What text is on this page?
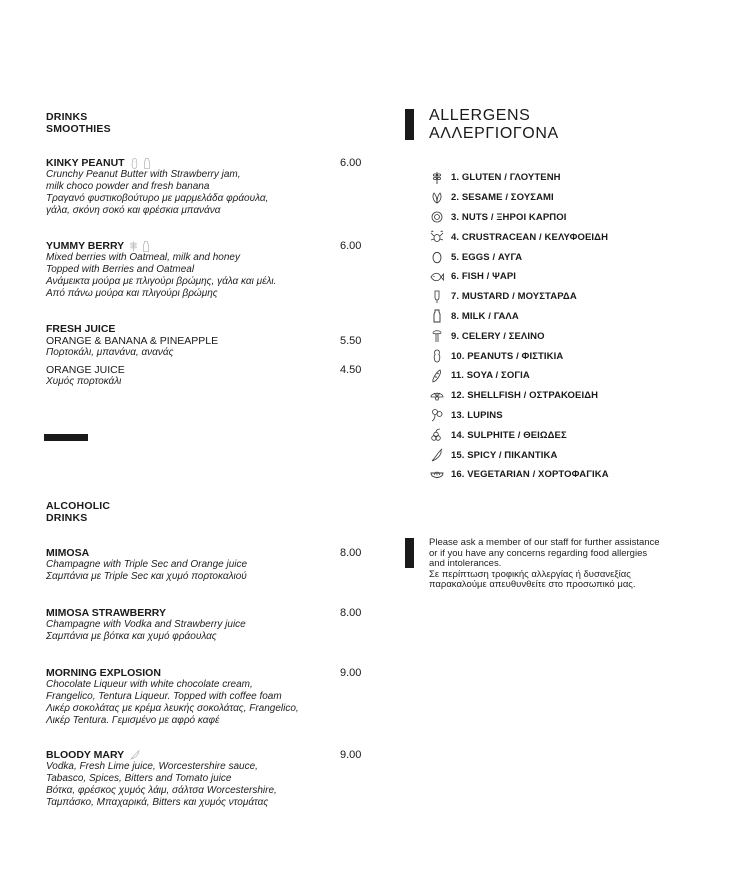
DRINKS
SMOOTHIES
KINKY PEANUT
Crunchy Peanut Butter with Strawberry jam,
milk choco powder and fresh banana
Τραγανό φυστικοβούτυρο με μαρμελάδα φράουλα,
γάλα, σκόνη σοκό και φρέσκια μπανάνα
6.00
YUMMY BERRY
Mixed berries with Oatmeal, milk and honey
Topped with Berries and Oatmeal
Ανάμεικτα μούρα με πλιγούρι βρώμης, γάλα και μέλι.
Από πάνω μούρα και πλιγούρι βρώμης
6.00
FRESH JUICE
ORANGE & BANANA & PINEAPPLE
Πορτοκάλι, μπανάνα, ανανάς
ORANGE JUICE
Χυμός πορτοκάλι
5.50
4.50
ALCOHOLIC
DRINKS
MIMOSA
Champagne with Triple Sec and Orange juice
Σαμπάνια με Triple Sec και χυμό πορτοκαλιού
8.00
MIMOSA STRAWBERRY
Champagne with Vodka and Strawberry juice
Σαμπάνια με βότκα και χυμό φράουλας
8.00
MORNING EXPLOSION
Chocolate Liqueur with white chocolate cream,
Frangelico, Tentura Liqueur. Topped with coffee foam
Λικέρ σοκολάτας με κρέμα λευκής σοκολάτας, Frangelico,
Λικέρ Tentura. Γεμισμένο με αφρό καφέ
9.00
BLOODY MARY
Vodka, Fresh Lime juice, Worcestershire sauce,
Tabasco, Spices, Bitters and Tomato juice
Βότκα, φρέσκος χυμός λάιμ, σάλτσα Worcestershire,
Ταμπάσκο, Μπαχαρικά, Bitters και χυμός ντομάτας
9.00
ALLERGENS
ΑΛΛΕΡΓΙΟΓΟΝΑ
1. GLUTEN / ΓΛΟΥΤΕΝΗ
2. SESAME / ΣΟΥΣΑΜΙ
3. NUTS / ΞΗΡΟΙ ΚΑΡΠΟΙ
4. CRUSTRACEAN / ΚΕΛΥΦΟΕΙΔΗ
5. EGGS / ΑΥΓΑ
6. FISH / ΨΑΡΙ
7. MUSTARD / ΜΟΥΣΤΑΡΔΑ
8. MILK / ΓΑΛΑ
9. CELERY / ΣΕΛΙΝΟ
10. PEANUTS / ΦΙΣΤΙΚΙΑ
11. SOYA / ΣΟΓΙΑ
12. SHELLFISH / ΟΣΤΡΑΚΟΕΙΔΗ
13. LUPINS
14. SULPHITE / ΘΕΙΩΔΕΣ
15. SPICY / ΠΙΚΑΝΤΙΚΑ
16. VEGETARIAN / ΧΟΡΤΟΦΑΓΙΚΑ
Please ask a member of our staff for further assistance
or if you have any concerns regarding food allergies
and intolerances.
Σε περίπτωση τροφικής αλλεργίας ή δυσανεξίας
παρακαλούμε απευθυνθείτε στο προσωπικό μας.
